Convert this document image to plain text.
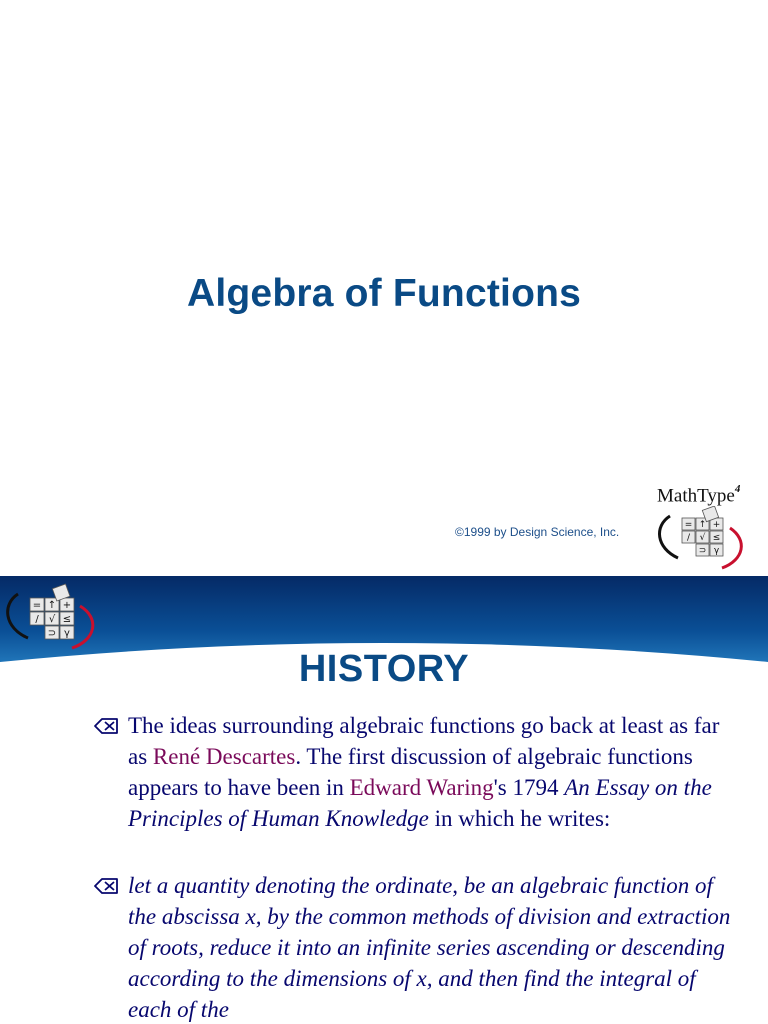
Algebra of Functions
©1999 by Design Science, Inc.
MathType$^4$
= ↑ +
/ √ ≤
⊃ γ
= ↑ +
/ √ ≤
⊃ γ
HISTORY
The ideas surrounding algebraic functions go back at least as far as René Descartes. The first discussion of algebraic functions appears to have been in Edward Waring's 1794 An Essay on the Principles of Human Knowledge in which he writes:
let a quantity denoting the ordinate, be an algebraic function of the abscissa x, by the common methods of division and extraction of roots, reduce it into an infinite series ascending or descending according to the dimensions of x, and then find the integral of each of the
